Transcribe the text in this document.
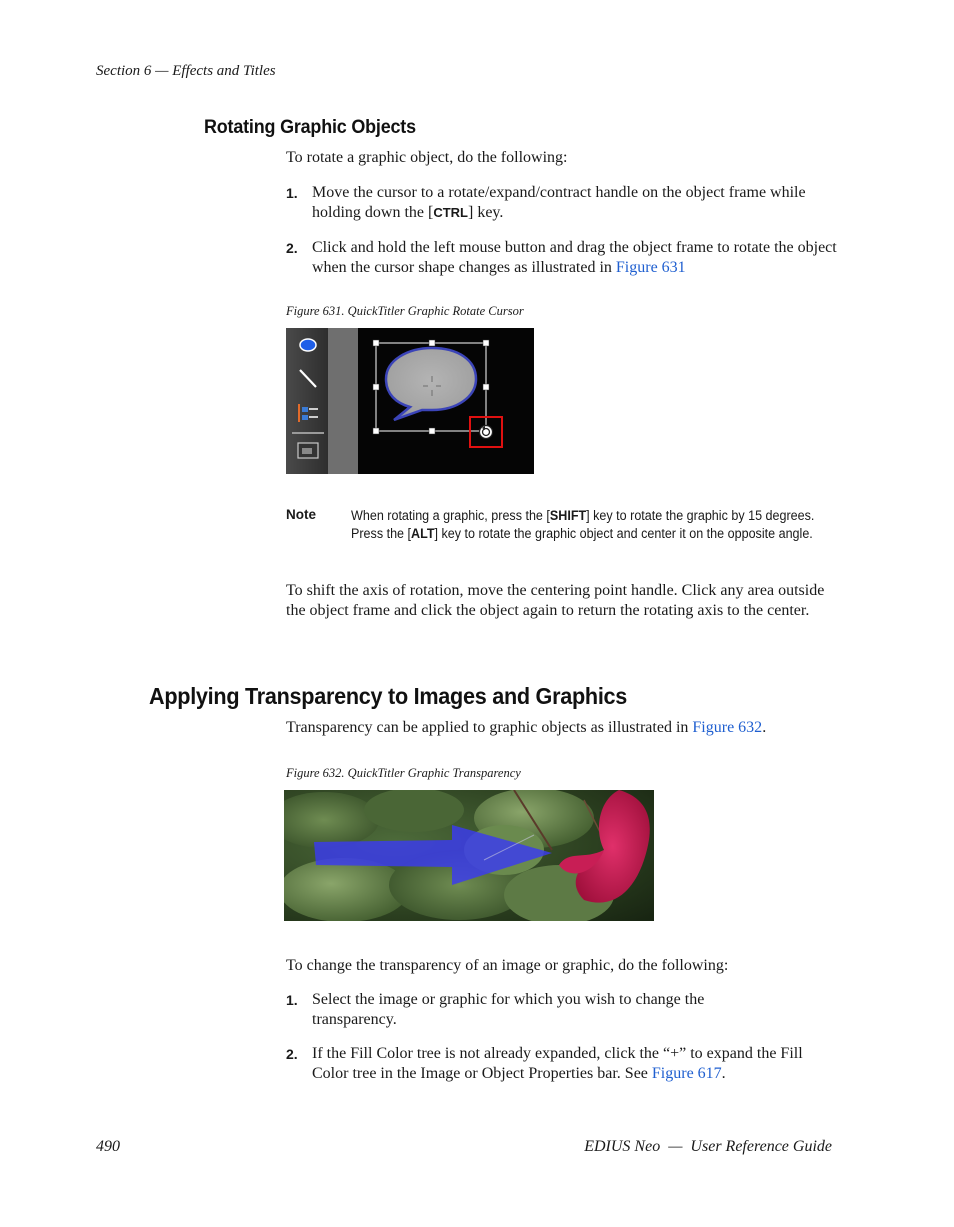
Section 6 — Effects and Titles
Rotating Graphic Objects
To rotate a graphic object, do the following:
1. Move the cursor to a rotate/expand/contract handle on the object frame while holding down the [CTRL] key.
2. Click and hold the left mouse button and drag the object frame to rotate the object when the cursor shape changes as illustrated in Figure 631
Figure 631. QuickTitler Graphic Rotate Cursor
Note	When rotating a graphic, press the [SHIFT] key to rotate the graphic by 15 degrees. Press the [ALT] key to rotate the graphic object and center it on the opposite angle.
To shift the axis of rotation, move the centering point handle. Click any area outside the object frame and click the object again to return the rotating axis to the center.
Applying Transparency to Images and Graphics
Transparency can be applied to graphic objects as illustrated in Figure 632.
Figure 632. QuickTitler Graphic Transparency
To change the transparency of an image or graphic, do the following:
1. Select the image or graphic for which you wish to change the transparency.
2. If the Fill Color tree is not already expanded, click the “+” to expand the Fill Color tree in the Image or Object Properties bar. See Figure 617.
490	EDIUS Neo  —  User Reference Guide
